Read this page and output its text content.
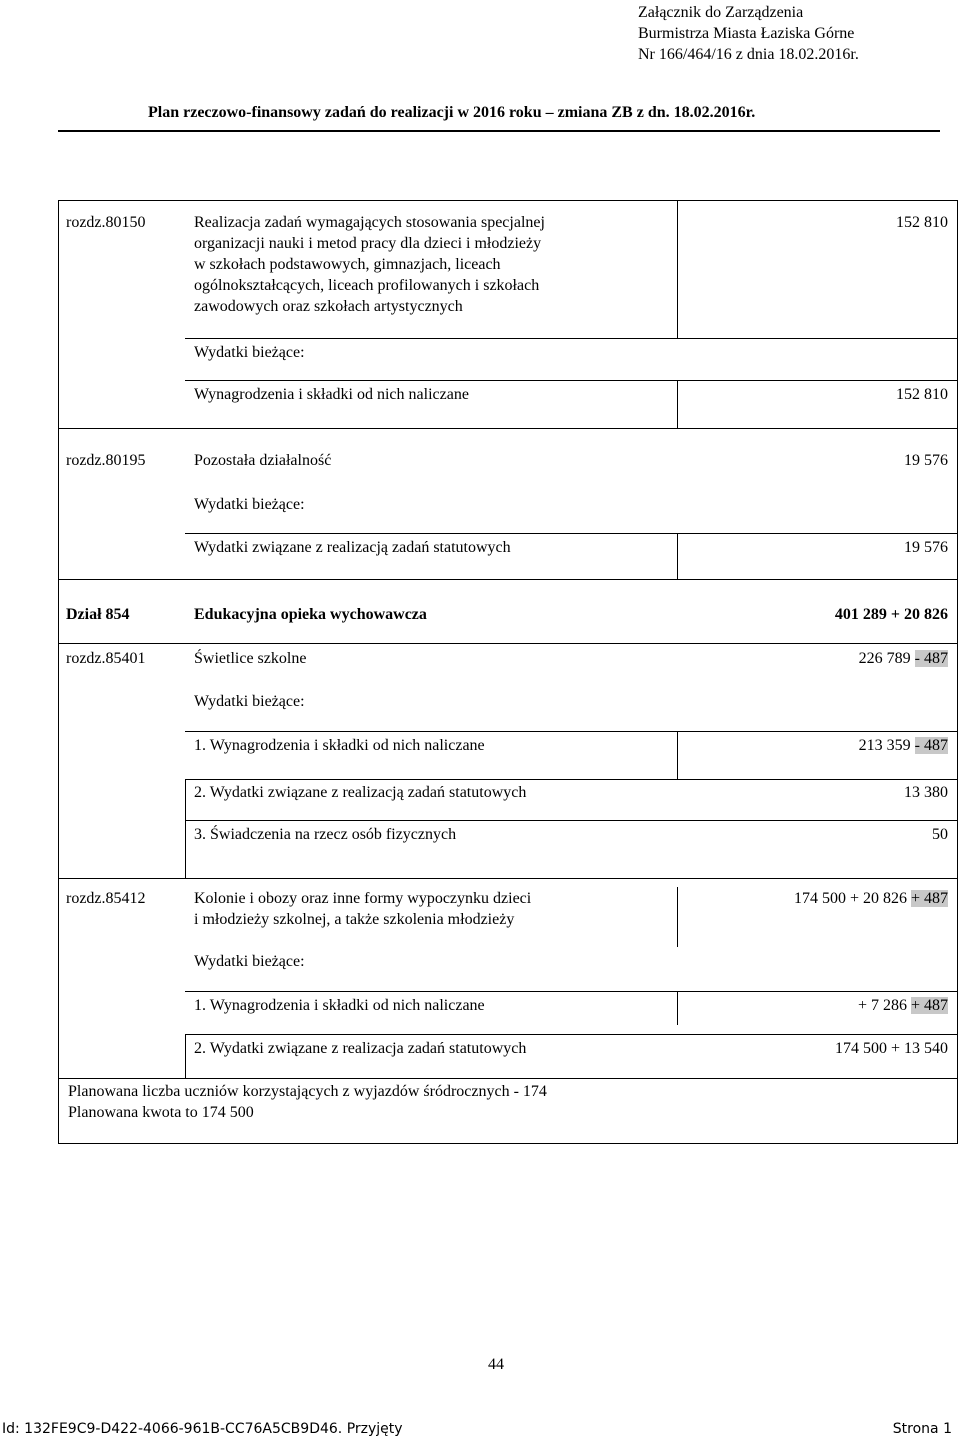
Załącznik do Zarządzenia
Burmistrza Miasta Łaziska Górne
Nr 166/464/16 z dnia 18.02.2016r.
Plan rzeczowo-finansowy zadań do realizacji w 2016 roku – zmiana ZB z dn. 18.02.2016r.
rozdz.80150	Realizacja zadań wymagających stosowania specjalnej
organizacji nauki i metod pracy dla dzieci i młodzieży
w szkołach podstawowych, gimnazjach, liceach
ogólnokształcących, liceach profilowanych i szkołach
zawodowych oraz szkołach artystycznych
152 810
Wydatki bieżące:
Wynagrodzenia i składki od nich naliczane	152 810
rozdz.80195	Pozostała działalność	19 576
Wydatki bieżące:
Wydatki związane z realizacją zadań statutowych	19 576
Dział 854	Edukacyjna opieka wychowawcza	401 289 + 20 826
rozdz.85401	Świetlice szkolne	226 789 - 487
Wydatki bieżące:
1. Wynagrodzenia i składki od nich naliczane	213 359 - 487
2. Wydatki związane z realizacją zadań statutowych	13 380
3. Świadczenia na rzecz osób fizycznych	50
rozdz.85412	Kolonie i obozy oraz inne formy wypoczynku dzieci
i młodzieży szkolnej, a także szkolenia młodzieży
174 500 + 20 826 + 487
Wydatki bieżące:
1. Wynagrodzenia i składki od nich naliczane	+ 7 286 + 487
2. Wydatki związane z realizacja zadań statutowych	174 500 + 13 540
Planowana liczba uczniów korzystających z wyjazdów śródrocznych - 174
Planowana kwota to 174 500
44
Id: 132FE9C9-D422-4066-961B-CC76A5CB9D46. Przyjęty	Strona 1
